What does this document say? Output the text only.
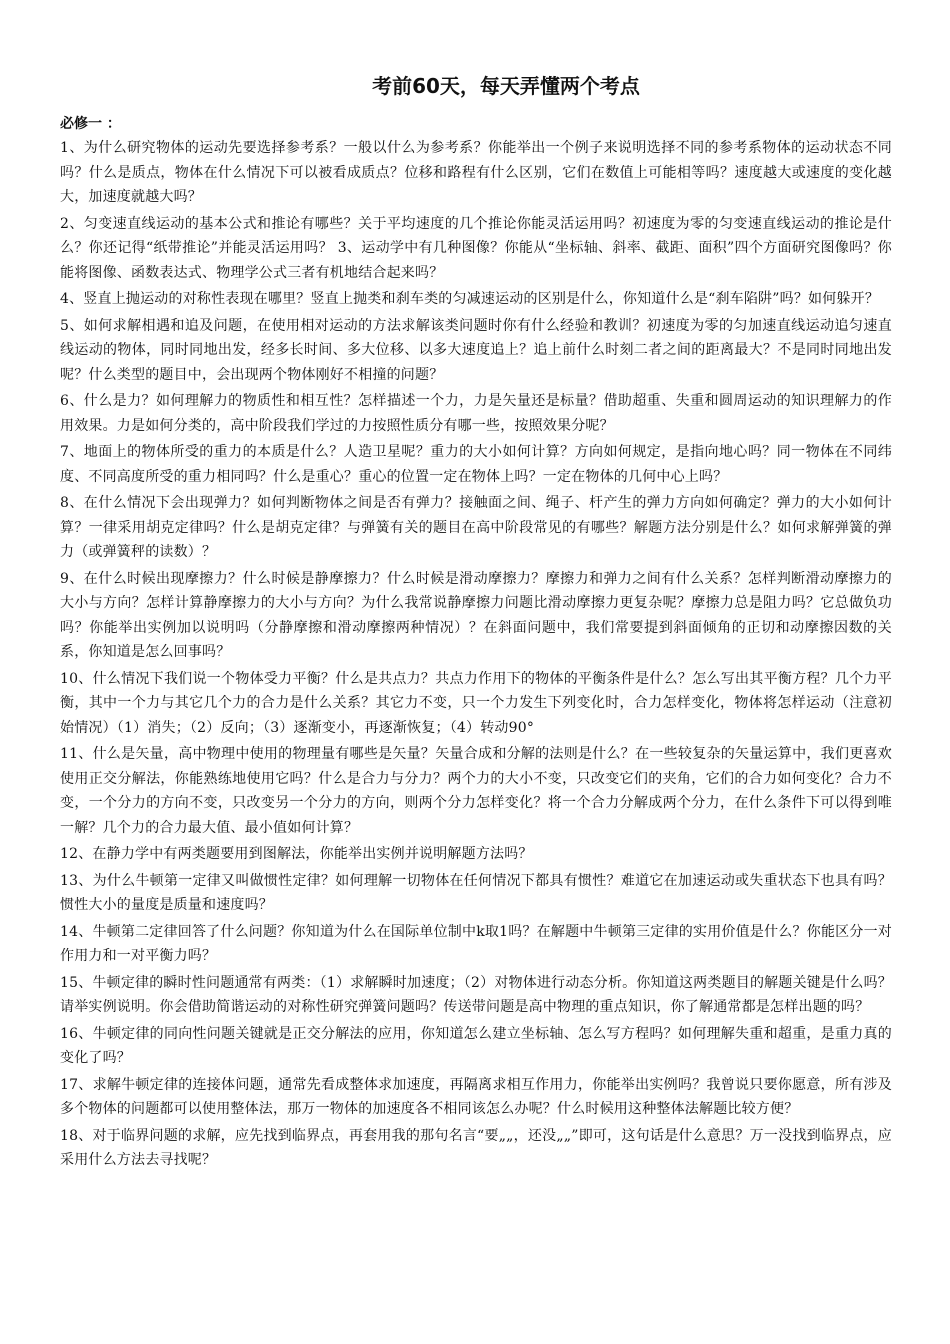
考前60天，每天弄懂两个考点
必修一 ：

1、为什么研究物体的运动先要选择参考系？一般以什么为参考系？你能举出一个例子来说明选择不同的参考系物体的运动状态不同吗？什么是质点，物体在什么情况下可以被看成质点？位移和路程有什么区别，它们在数值上可能相等吗？速度越大或速度的变化越大，加速度就越大吗？

2、匀变速直线运动的基本公式和推论有哪些？关于平均速度的几个推论你能灵活运用吗？初速度为零的匀变速直线运动的推论是什么？你还记得“纸带推论”并能灵活运用吗？ 3、运动学中有几种图像？你能从“坐标轴、斜率、截距、面积”四个方面研究图像吗？你能将图像、函数表达式、物理学公式三者有机地结合起来吗？

4、竖直上抛运动的对称性表现在哪里？竖直上抛类和刹车类的匀减速运动的区别是什么，你知道什么是“刹车陷阱”吗？如何躲开？

5、如何求解相遇和追及问题，在使用相对运动的方法求解该类问题时你有什么经验和教训？初速度为零的匀加速直线运动追匀速直线运动的物体，同时同地出发，经多长时间、多大位移、以多大速度追上？追上前什么时刻二者之间的距离最大？不是同时同地出发呢？什么类型的题目中，会出现两个物体刚好不相撞的问题？

6、什么是力？如何理解力的物质性和相互性？怎样描述一个力，力是矢量还是标量？借助超重、失重和圆周运动的知识理解力的作用效果。力是如何分类的，高中阶段我们学过的力按照性质分有哪一些，按照效果分呢？

7、地面上的物体所受的重力的本质是什么？人造卫星呢？重力的大小如何计算？方向如何规定，是指向地心吗？同一物体在不同纬度、不同高度所受的重力相同吗？什么是重心？重心的位置一定在物体上吗？一定在物体的几何中心上吗？

8、在什么情况下会出现弹力？如何判断物体之间是否有弹力？接触面之间、绳子、杆产生的弹力方向如何确定？弹力的大小如何计算？一律采用胡克定律吗？什么是胡克定律？与弹簧有关的题目在高中阶段常见的有哪些？解题方法分别是什么？如何求解弹簧的弹力（或弹簧秤的读数）？

9、在什么时候出现摩擦力？什么时候是静摩擦力？什么时候是滑动摩擦力？摩擦力和弹力之间有什么关系？怎样判断滑动摩擦力的大小与方向？怎样计算静摩擦力的大小与方向？为什么我常说静摩擦力问题比滑动摩擦力更复杂呢？摩擦力总是阻力吗？它总做负功吗？你能举出实例加以说明吗（分静摩擦和滑动摩擦两种情况）？在斜面问题中，我们常要提到斜面倾角的正切和动摩擦因数的关系，你知道是怎么回事吗？

10、什么情况下我们说一个物体受力平衡？什么是共点力？共点力作用下的物体的平衡条件是什么？怎么写出其平衡方程？几个力平衡，其中一个力与其它几个力的合力是什么关系？其它力不变，只一个力发生下列变化时，合力怎样变化，物体将怎样运动（注意初始情况）（1）消失；（2）反向；（3）逐渐变小，再逐渐恢复；（4）转动90°

11、什么是矢量，高中物理中使用的物理量有哪些是矢量？矢量合成和分解的法则是什么？在一些较复杂的矢量运算中，我们更喜欢使用正交分解法，你能熟练地使用它吗？什么是合力与分力？两个力的大小不变，只改变它们的夹角，它们的合力如何变化？合力不变，一个分力的方向不变，只改变另一个分力的方向，则两个分力怎样变化？将一个合力分解成两个分力，在什么条件下可以得到唯一解？几个力的合力最大值、最小值如何计算？

12、在静力学中有两类题要用到图解法，你能举出实例并说明解题方法吗？

13、为什么牛顿第一定律又叫做惯性定律？如何理解一切物体在任何情况下都具有惯性？难道它在加速运动或失重状态下也具有吗？惯性大小的量度是质量和速度吗？

14、牛顿第二定律回答了什么问题？你知道为什么在国际单位制中k取1吗？在解题中牛顿第三定律的实用价值是什么？你能区分一对作用力和一对平衡力吗？

15、牛顿定律的瞬时性问题通常有两类：（1）求解瞬时加速度；（2）对物体进行动态分析。你知道这两类题目的解题关键是什么吗？请举实例说明。你会借助简谐运动的对称性研究弹簧问题吗？传送带问题是高中物理的重点知识，你了解通常都是怎样出题的吗？

16、牛顿定律的同向性问题关键就是正交分解法的应用，你知道怎么建立坐标轴、怎么写方程吗？如何理解失重和超重，是重力真的变化了吗？

17、求解牛顿定律的连接体问题，通常先看成整体求加速度，再隔离求相互作用力，你能举出实例吗？我曾说只要你愿意，所有涉及多个物体的问题都可以使用整体法，那万一物体的加速度各不相同该怎么办呢？什么时候用这种整体法解题比较方便？

18、对于临界问题的求解，应先找到临界点，再套用我的那句名言“要„„，还没„„”即可，这句话是什么意思？万一没找到临界点，应采用什么方法去寻找呢？
